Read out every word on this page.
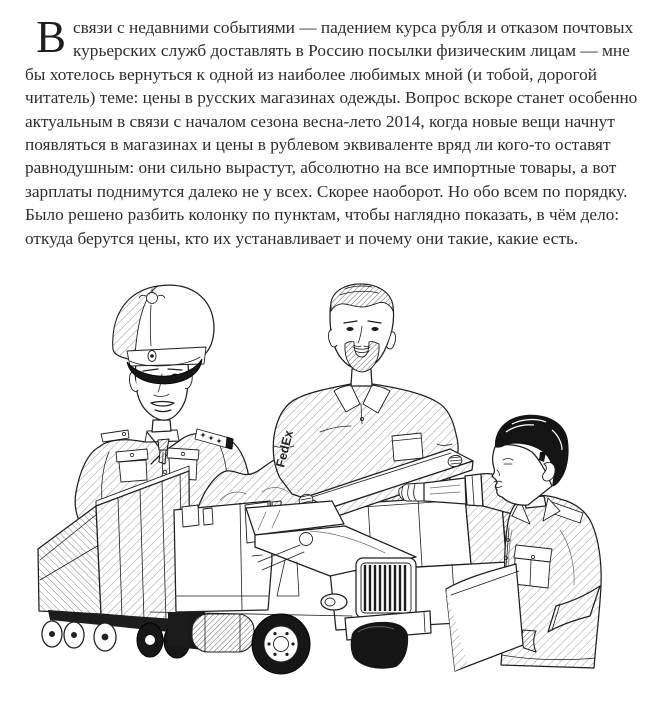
Всвязи с недавними событиями — падением курса рубля и отказом почтовых курьерских служб доставлять в Россию посылки физическим лицам — мне бы хотелось вернуться к одной из наиболее любимых мной (и тобой, дорогой читатель) теме: цены в русских магазинах одежды. Вопрос вскоре станет особенно актуальным в связи с началом сезона весна-лето 2014, когда новые вещи начнут появляться в магазинах и цены в рублевом эквиваленте вряд ли кого-то оставят равнодушным: они сильно вырастут, абсолютно на все импортные товары, а вот зарплаты поднимутся далеко не у всех. Скорее наоборот. Но обо всем по порядку. Было решено разбить колонку по пунктам, чтобы наглядно показать, в чём дело: откуда берутся цены, кто их устанавливает и почему они такие, какие есть.
FedEx
